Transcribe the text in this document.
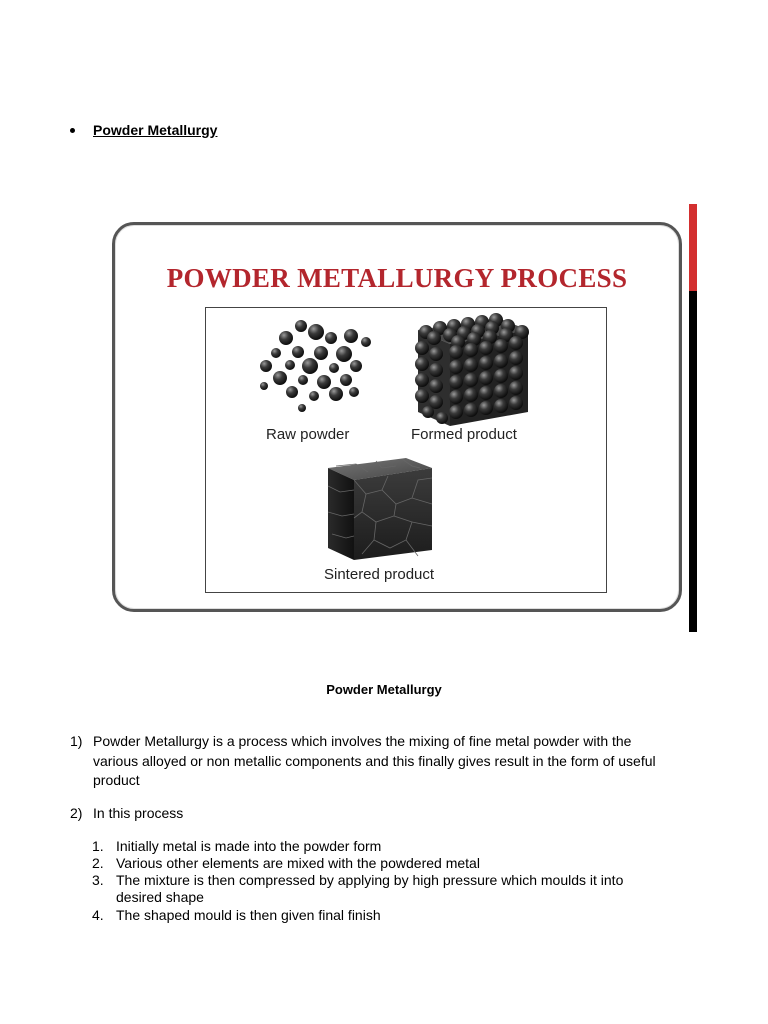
Powder Metallurgy
POWDER METALLURGY PROCESS
Raw powder	Formed product
Sintered product
Powder Metallurgy
1) Powder Metallurgy is a process which involves the mixing of fine metal powder with the various alloyed or non metallic components and this finally gives result in the form of useful product
2) In this process
1. Initially metal is made into the powder form
2. Various other elements are mixed with the powdered metal
3. The mixture is then compressed by applying by high pressure which moulds it into desired shape
4. The shaped mould is then given final finish
